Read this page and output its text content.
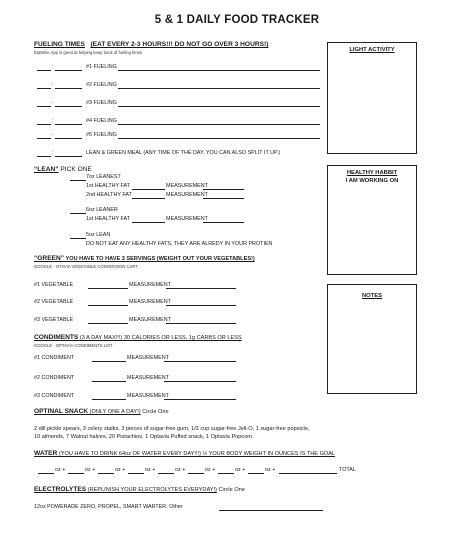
5 & 1 DAILY FOOD TRACKER
LIGHT ACTIVITY
HEALTHY HABBIT
I AM WORKING ON
NOTES
FUELING TIMES (EAT EVERY 2-3 HOURS!!! DO NOT GO OVER 3 HOURS!)
EatWise App is great at helping keep track of fueling times
:	#1 FUELING
:	#2 FUELING
:	#3 FUELING
:	#4 FUELING
:	#5 FUELING
:	LEAN & GREEN MEAL (ANY TIME OF THE DAY. YOU CAN ALSO SPLIT IT UP.)
“LEAN” PICK ONE
7oz LEANEST
1st HEALTHY FAT	MEASUREMENT
2nd HEALTHY FAT	MEASUREMENT
6oz LEANER
1st HEALTHY FAT	MEASUREMENT
5oz LEAN
DO NOT EAT ANY HEALTHY FATS, THEY ARE ALREDY IN YOUR PROTIEN
“GREEN” YOU HAVE TO HAVE 3 SERVINGS (WEIGHT OUT YOUR VEGETABLES!)
GOOGLE - OTAVIA VEGETABLE CONVERSION CART
#1 VEGETABLE	MEASUREMENT
#2 VEGETABLE	MEASUREMENT
#3 VEGETABLE	MEASUREMENT
CONDIMENTS (3 A DAY MAX!!!) 30 CALORIES OR LESS, 1g CARBS OR LESS
GOOGLE - OPTAVIA CONDIMENTS LIST
#1 CONDIMENT	MEASUREMENT
#2 CONDIMENT	MEASUREMENT
#3 CONDIMENT	MEASUREMENT
OPTINAL SNACK (ONLY ONE A DAY!) Circle One
2 dill pickle spears, 3 celery stalks, 3 pieces of sugar-free gum, 1/2 cup sugar-free Jell-O, 1 sugar-free popsicle,
10 almonds, 7 Walnut halves, 20 Pistachios, 1 Optavia Puffed snack, 1 Optavia Popcorn.
WATER (YOU HAVE TO DRINK 64oz OF WATER EVERY DAY!!!) ½ YOUR BODY WEIGHT IN OUNCES IS THE GOAL
oz +	oz +	oz +	oz +	oz +	oz +	oz +	oz +	TOTAL
ELECTROLYTES (REPLINISH YOUR ELECTROLYTES EVERYDAY!) Circle One
12oz POWERADE ZERO, PROPEL, SMART WARTER, Other
